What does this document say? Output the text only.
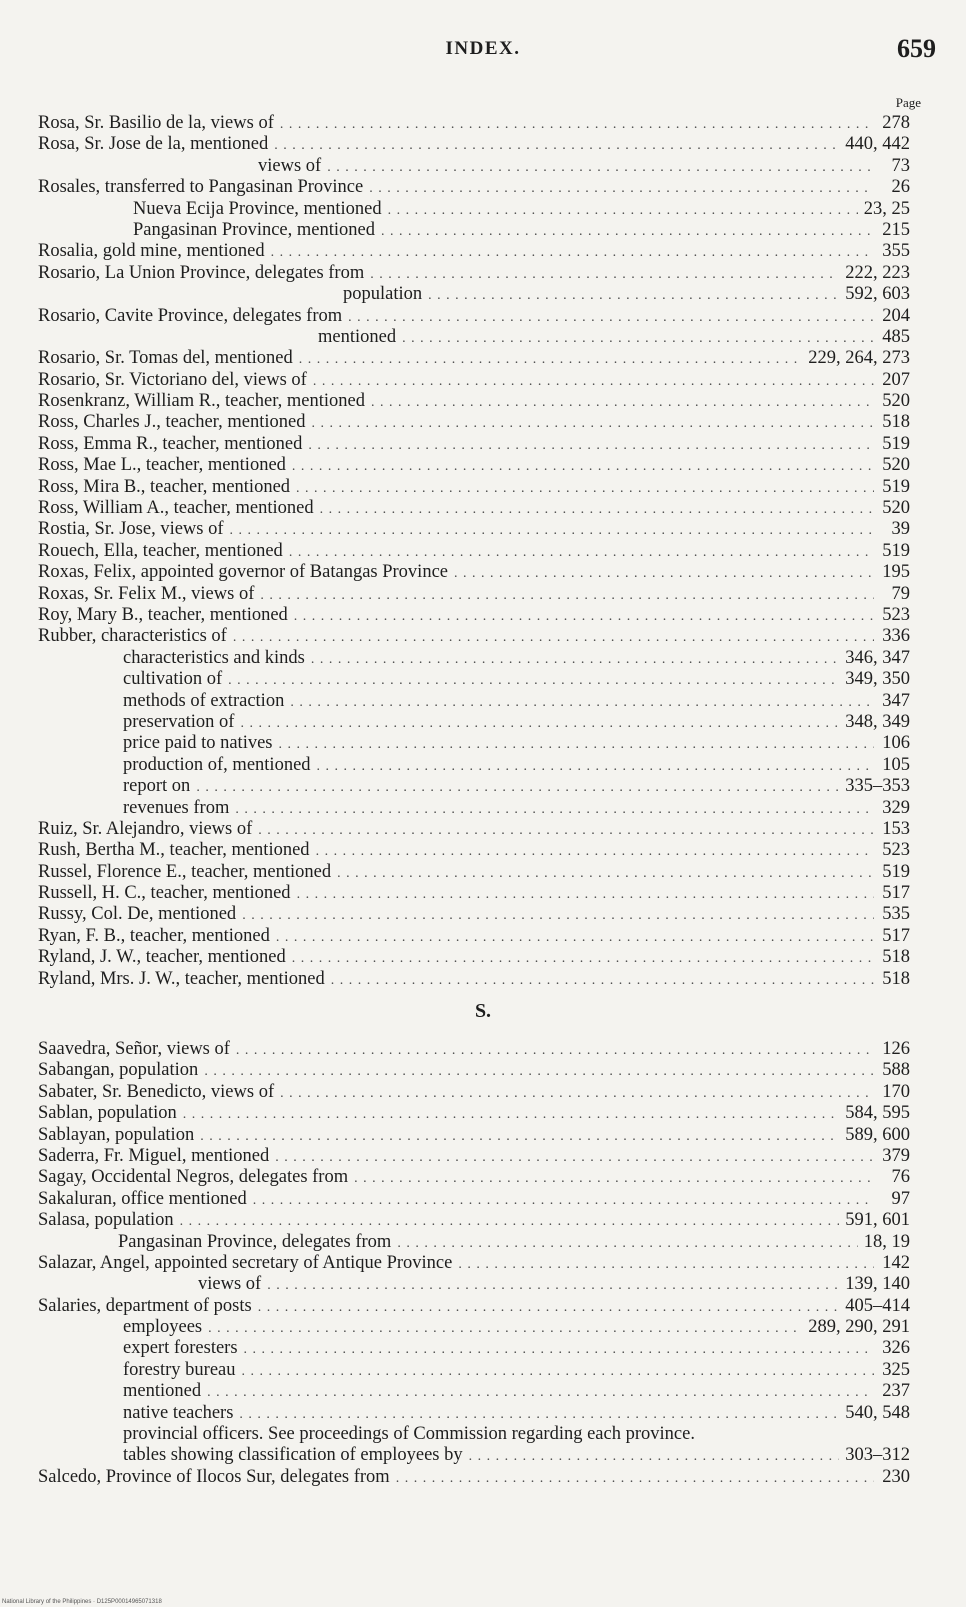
INDEX.	659
Page
Rosa, Sr. Basilio de la, views of . . .	278
Rosa, Sr. Jose de la, mentioned . . .	440, 442
views of . . .	73
Rosales, transferred to Pangasinan Province . . .	26
Nueva Ecija Province, mentioned . . .	23, 25
Pangasinan Province, mentioned . . .	215
Rosalia, gold mine, mentioned . . .	355
Rosario, La Union Province, delegates from . . .	222, 223
population . . .	592, 603
Rosario, Cavite Province, delegates from . . .	204
mentioned . . .	485
Rosario, Sr. Tomas del, mentioned . . .	229, 264, 273
Rosario, Sr. Victoriano del, views of . . .	207
Rosenkranz, William R., teacher, mentioned . . .	520
Ross, Charles J., teacher, mentioned . . .	518
Ross, Emma R., teacher, mentioned . . .	519
Ross, Mae L., teacher, mentioned . . .	520
Ross, Mira B., teacher, mentioned . . .	519
Ross, William A., teacher, mentioned . . .	520
Rostia, Sr. Jose, views of . . .	39
Rouech, Ella, teacher, mentioned . . .	519
Roxas, Felix, appointed governor of Batangas Province . . .	195
Roxas, Sr. Felix M., views of . . .	79
Roy, Mary B., teacher, mentioned . . .	523
Rubber, characteristics of . . .	336
characteristics and kinds . . .	346, 347
cultivation of . . .	349, 350
methods of extraction . . .	347
preservation of . . .	348, 349
price paid to natives . . .	106
production of, mentioned . . .	105
report on . . .	335–353
revenues from . . .	329
Ruiz, Sr. Alejandro, views of . . .	153
Rush, Bertha M., teacher, mentioned . . .	523
Russel, Florence E., teacher, mentioned . . .	519
Russell, H. C., teacher, mentioned . . .	517
Russy, Col. De, mentioned . . .	535
Ryan, F. B., teacher, mentioned . . .	517
Ryland, J. W., teacher, mentioned . . .	518
Ryland, Mrs. J. W., teacher, mentioned . . .	518
S.
Saavedra, Señor, views of . . .	126
Sabangan, population . . .	588
Sabater, Sr. Benedicto, views of . . .	170
Sablan, population . . .	584, 595
Sablayan, population . . .	589, 600
Saderra, Fr. Miguel, mentioned . . .	379
Sagay, Occidental Negros, delegates from . . .	76
Sakaluran, office mentioned . . .	97
Salasa, population . . .	591, 601
Pangasinan Province, delegates from . . .	18, 19
Salazar, Angel, appointed secretary of Antique Province . . .	142
views of . . .	139, 140
Salaries, department of posts . . .	405–414
employees . . .	289, 290, 291
expert foresters . . .	326
forestry bureau . . .	325
mentioned . . .	237
native teachers . . .	540, 548
provincial officers. See proceedings of Commission regarding each province.
tables showing classification of employees by . . .	303–312
Salcedo, Province of Ilocos Sur, delegates from . . .	230
National Library of the Philippines · D125P00014965071318
